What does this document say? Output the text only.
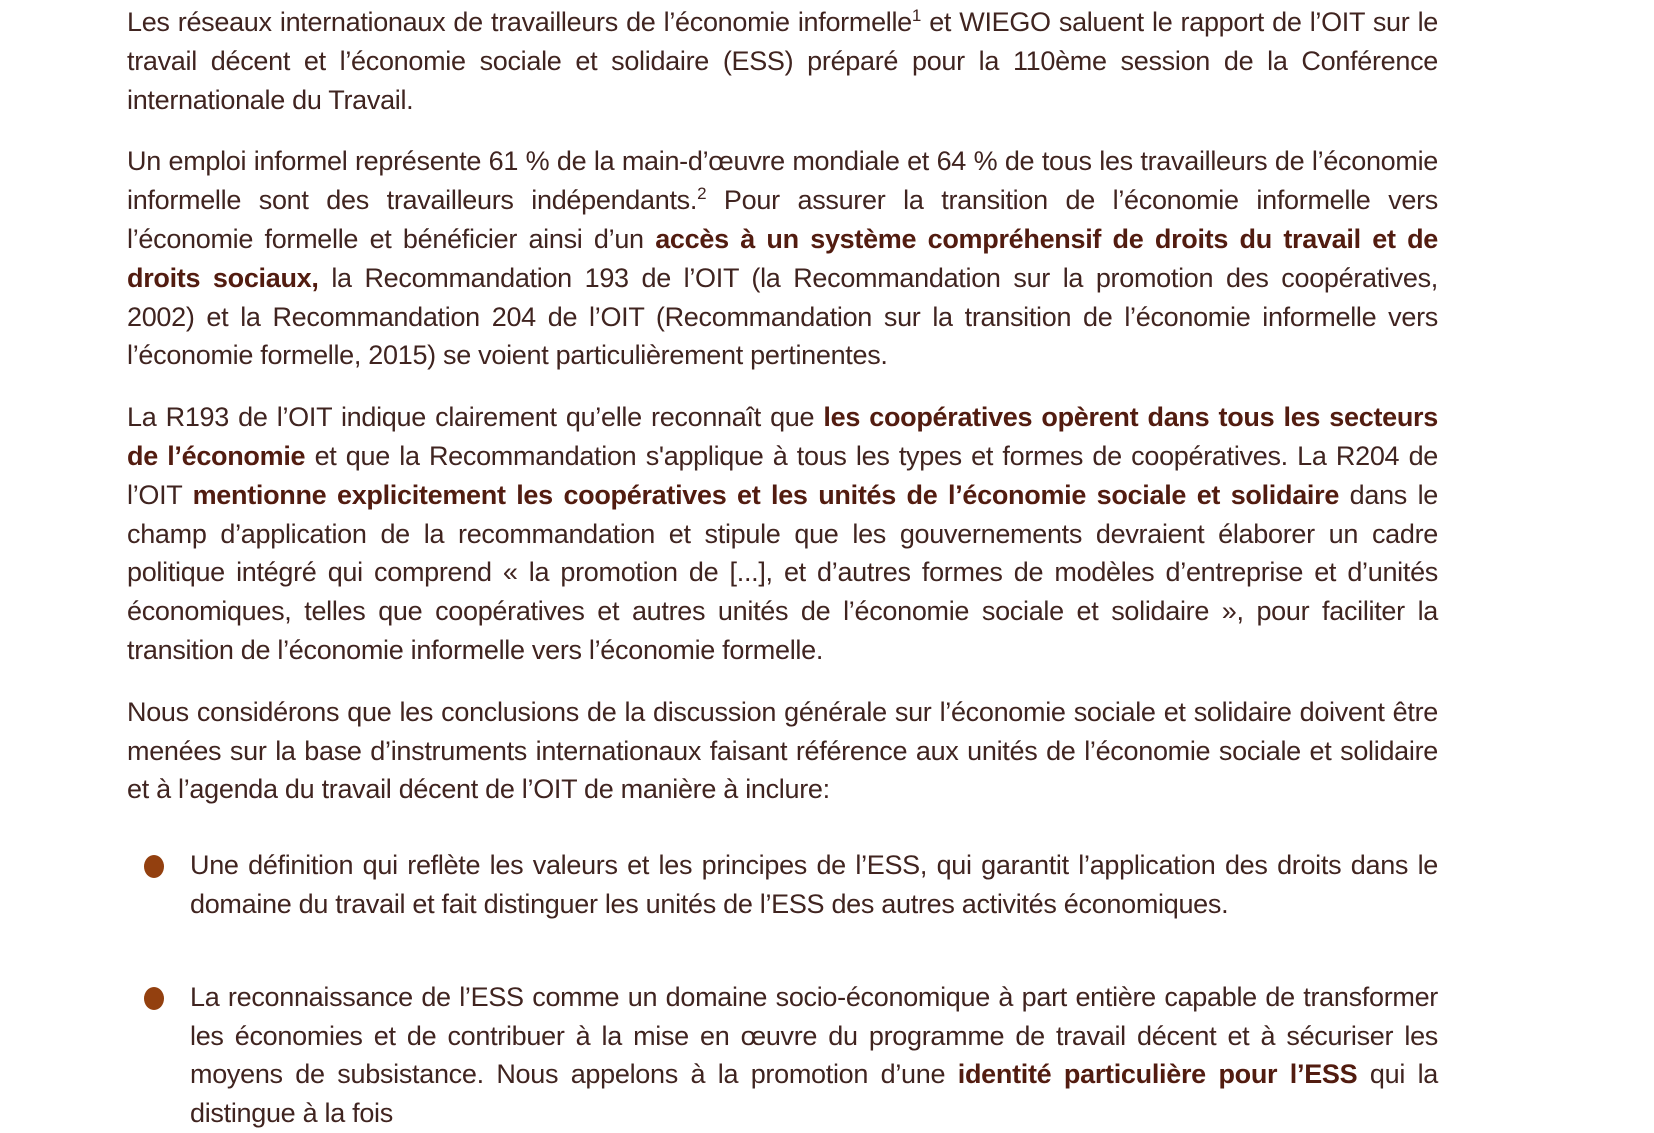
Les réseaux internationaux de travailleurs de l’économie informelle$^1$ et WIEGO saluent le rapport de l’OIT sur le travail décent et l’économie sociale et solidaire (ESS) préparé pour la 110ème session de la Conférence internationale du Travail.

Un emploi informel représente 61 % de la main-d’œuvre mondiale et 64 % de tous les travailleurs de l’économie informelle sont des travailleurs indépendants.$^2$ Pour assurer la transition de l’économie informelle vers l’économie formelle et bénéficier ainsi d’un accès à un système compréhensif de droits du travail et de droits sociaux, la Recommandation 193 de l’OIT (la Recommandation sur la promotion des coopératives, 2002) et la Recommandation 204 de l’OIT (Recommandation sur la transition de l’économie informelle vers l’économie formelle, 2015) se voient particulièrement pertinentes.

La R193 de l’OIT indique clairement qu’elle reconnaît que les coopératives opèrent dans tous les secteurs de l’économie et que la Recommandation s'applique à tous les types et formes de coopératives. La R204 de l’OIT mentionne explicitement les coopératives et les unités de l’économie sociale et solidaire dans le champ d’application de la recommandation et stipule que les gouvernements devraient élaborer un cadre politique intégré qui comprend « la promotion de [...], et d’autres formes de modèles d’entreprise et d’unités économiques, telles que coopératives et autres unités de l’économie sociale et solidaire », pour faciliter la transition de l’économie informelle vers l’économie formelle.

Nous considérons que les conclusions de la discussion générale sur l’économie sociale et solidaire doivent être menées sur la base d’instruments internationaux faisant référence aux unités de l’économie sociale et solidaire et à l’agenda du travail décent de l’OIT de manière à inclure:

Une définition qui reflète les valeurs et les principes de l’ESS, qui garantit l’application des droits dans le domaine du travail et fait distinguer les unités de l’ESS des autres activités économiques.
La reconnaissance de l’ESS comme un domaine socio-économique à part entière capable de transformer les économies et de contribuer à la mise en œuvre du programme de travail décent et à sécuriser les moyens de subsistance. Nous appelons à la promotion d’une identité particulière pour l’ESS qui la distingue à la fois
